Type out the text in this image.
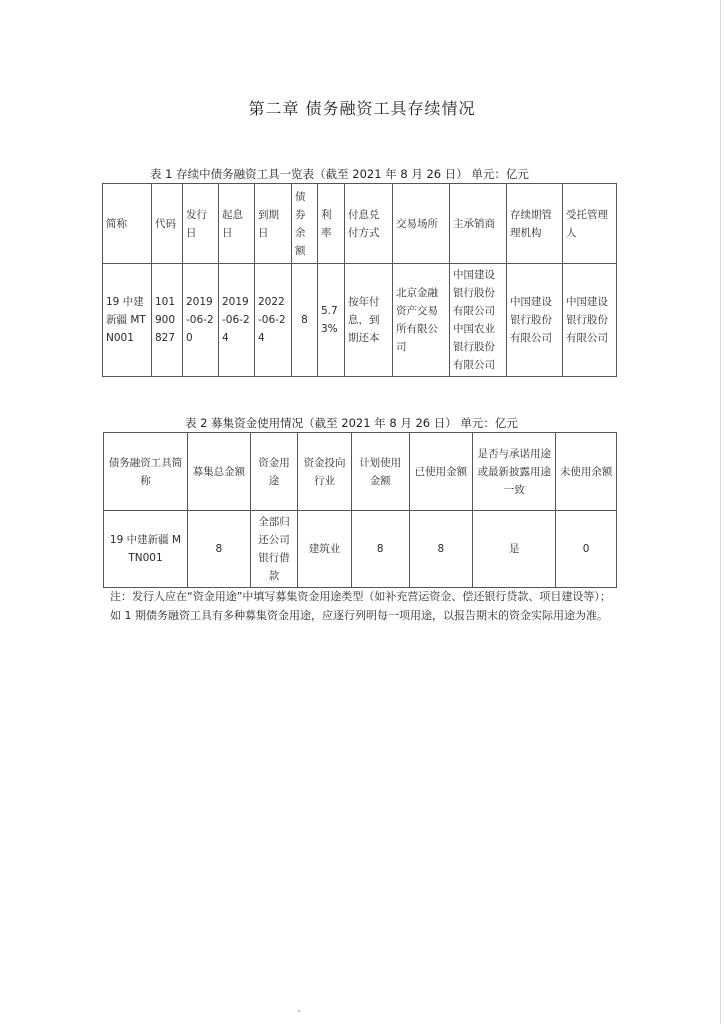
第二章 债务融资工具存续情况
表 1 存续中债务融资工具一览表（截至 2021 年 8 月 26 日） 单元：亿元
简称	代码	发行日	起息日	到期日	债券余额	利率	付息兑付方式	交易场所	主承销商	存续期管理机构	受托管理人
19 中建新疆 MTN001	101900827	2019-06-20	2019-06-24	2022-06-24	8	5.73%	按年付息，到期还本	北京金融资产交易所有限公司	中国建设银行股份有限公司 中国农业银行股份有限公司	中国建设银行股份有限公司	中国建设银行股份有限公司
表 2 募集资金使用情况（截至 2021 年 8 月 26 日） 单元：亿元
债务融资工具简称	募集总金额	资金用途	资金投向行业	计划使用金额	已使用金额	是否与承诺用途或最新披露用途一致	未使用余额
19 中建新疆 MTN001	8	全部归还公司银行借款	建筑业	8	8	是	0
注：发行人应在“资金用途”中填写募集资金用途类型（如补充营运资金、偿还银行贷款、项目建设等）；如 1 期债务融资工具有多种募集资金用途，应逐行列明每一项用途，以报告期末的资金实际用途为准。
